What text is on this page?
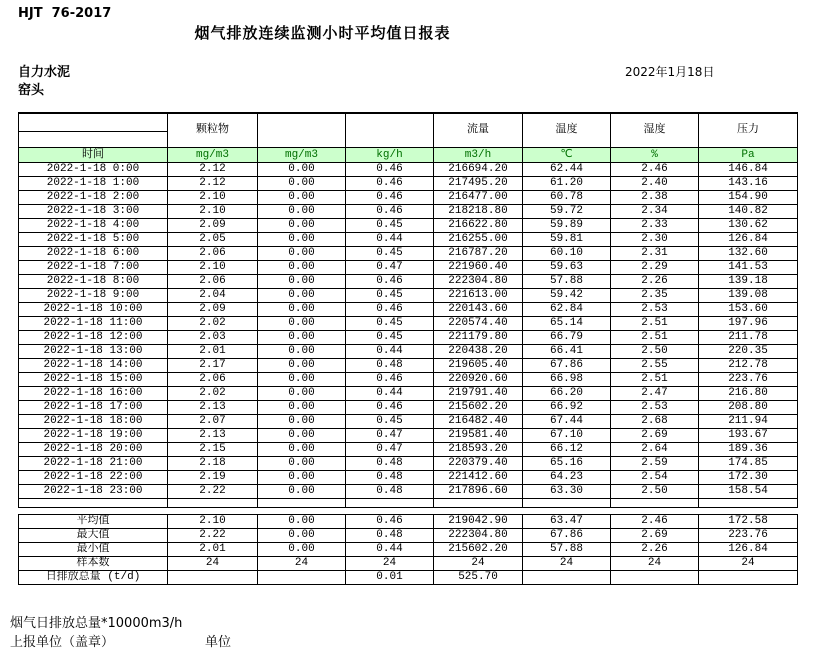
HJT  76-2017
烟气排放连续监测小时平均值日报表
自力水泥
窑头
2022年1月18日
	颗粒物			流量	温度	湿度	压力

时间	mg/m3	mg/m3	kg/h	m3/h	℃	%	Pa
2022-1-18 0:00	2.12	0.00	0.46	216694.20	62.44	2.46	146.84
2022-1-18 1:00	2.12	0.00	0.46	217495.20	61.20	2.40	143.16
2022-1-18 2:00	2.10	0.00	0.46	216477.00	60.78	2.38	154.90
2022-1-18 3:00	2.10	0.00	0.46	218218.80	59.72	2.34	140.82
2022-1-18 4:00	2.09	0.00	0.45	216622.80	59.89	2.33	130.62
2022-1-18 5:00	2.05	0.00	0.44	216255.00	59.81	2.30	126.84
2022-1-18 6:00	2.06	0.00	0.45	216787.20	60.10	2.31	132.60
2022-1-18 7:00	2.10	0.00	0.47	221960.40	59.63	2.29	141.53
2022-1-18 8:00	2.06	0.00	0.46	222304.80	57.88	2.26	139.18
2022-1-18 9:00	2.04	0.00	0.45	221613.00	59.42	2.35	139.08
2022-1-18 10:00	2.09	0.00	0.46	220143.60	62.84	2.53	153.60
2022-1-18 11:00	2.02	0.00	0.45	220574.40	65.14	2.51	197.96
2022-1-18 12:00	2.03	0.00	0.45	221179.80	66.79	2.51	211.78
2022-1-18 13:00	2.01	0.00	0.44	220438.20	66.41	2.50	220.35
2022-1-18 14:00	2.17	0.00	0.48	219605.40	67.86	2.55	212.78
2022-1-18 15:00	2.06	0.00	0.46	220920.60	66.98	2.51	223.76
2022-1-18 16:00	2.02	0.00	0.44	219791.40	66.20	2.47	216.80
2022-1-18 17:00	2.13	0.00	0.46	215602.20	66.92	2.53	208.80
2022-1-18 18:00	2.07	0.00	0.45	216482.40	67.44	2.68	211.94
2022-1-18 19:00	2.13	0.00	0.47	219581.40	67.10	2.69	193.67
2022-1-18 20:00	2.15	0.00	0.47	218593.20	66.12	2.64	189.36
2022-1-18 21:00	2.18	0.00	0.48	220379.40	65.16	2.59	174.85
2022-1-18 22:00	2.19	0.00	0.48	221412.60	64.23	2.54	172.30
2022-1-18 23:00	2.22	0.00	0.48	217896.60	63.30	2.50	158.54

平均值	2.10	0.00	0.46	219042.90	63.47	2.46	172.58
最大值	2.22	0.00	0.48	222304.80	67.86	2.69	223.76
最小值	2.01	0.00	0.44	215602.20	57.88	2.26	126.84
样本数	24	24	24	24	24	24	24
日排放总量 (t/d)			0.01	525.70			
烟气日排放总量*10000m3/h
上报单位（盖章）	单位
